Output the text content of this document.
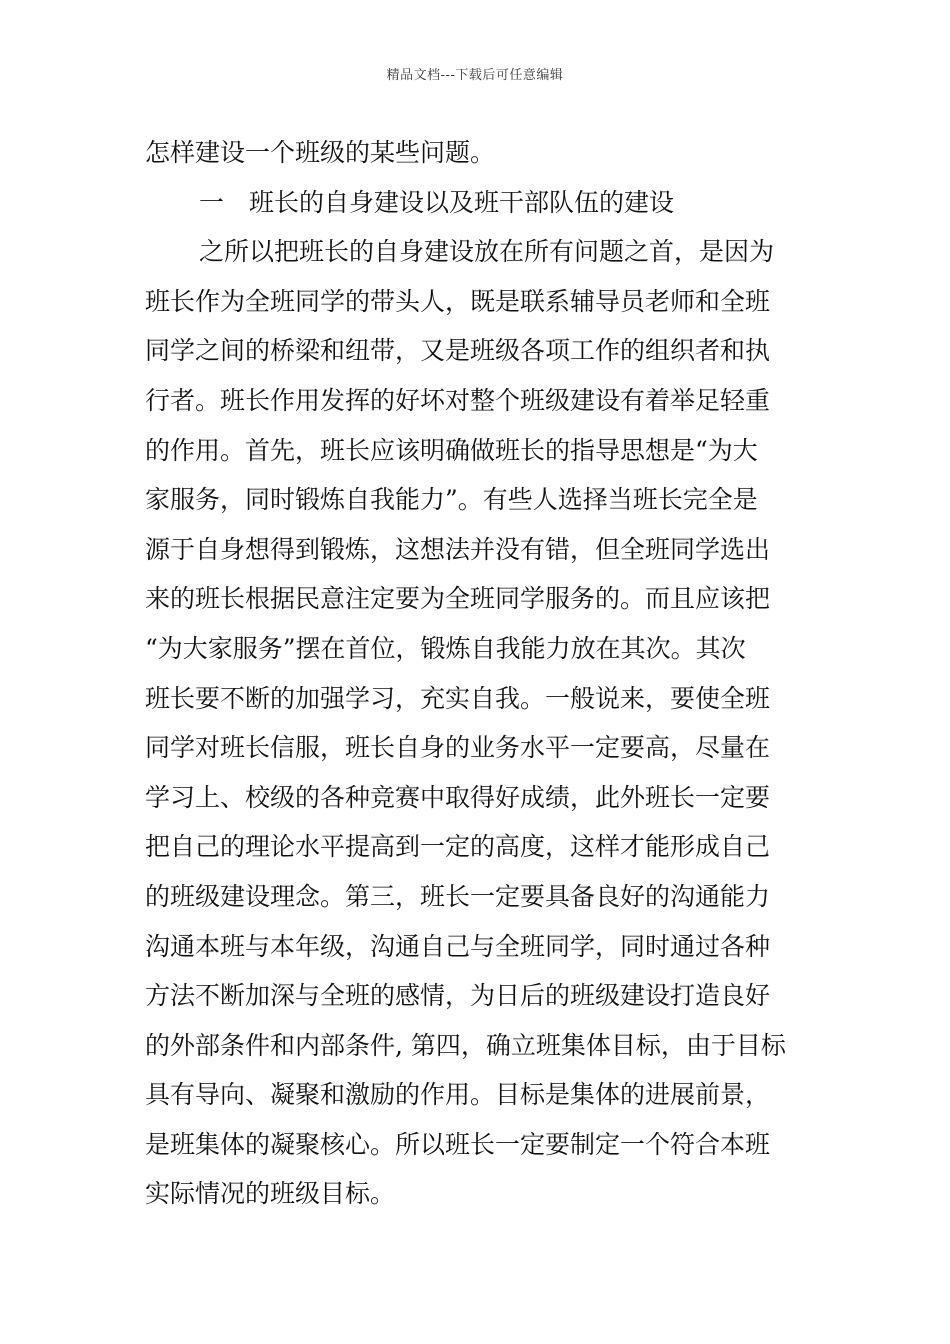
精品文档---下载后可任意编辑
怎样建设一个班级的某些问题。
一　班长的自身建设以及班干部队伍的建设
之所以把班长的自身建设放在所有问题之首，是因为
班长作为全班同学的带头人，既是联系辅导员老师和全班
同学之间的桥梁和纽带，又是班级各项工作的组织者和执
行者。班长作用发挥的好坏对整个班级建设有着举足轻重
的作用。首先，班长应该明确做班长的指导思想是“为大
家服务，同时锻炼自我能力”。有些人选择当班长完全是
源于自身想得到锻炼，这想法并没有错，但全班同学选出
来的班长根据民意注定要为全班同学服务的。而且应该把
“为大家服务”摆在首位，锻炼自我能力放在其次。其次
班长要不断的加强学习，充实自我。一般说来，要使全班
同学对班长信服，班长自身的业务水平一定要高，尽量在
学习上、校级的各种竞赛中取得好成绩，此外班长一定要
把自己的理论水平提高到一定的高度，这样才能形成自己
的班级建设理念。第三，班长一定要具备良好的沟通能力
沟通本班与本年级，沟通自己与全班同学，同时通过各种
方法不断加深与全班的感情，为日后的班级建设打造良好
的外部条件和内部条件, 第四，确立班集体目标，由于目标
具有导向、凝聚和激励的作用。目标是集体的进展前景，
是班集体的凝聚核心。所以班长一定要制定一个符合本班
实际情况的班级目标。
